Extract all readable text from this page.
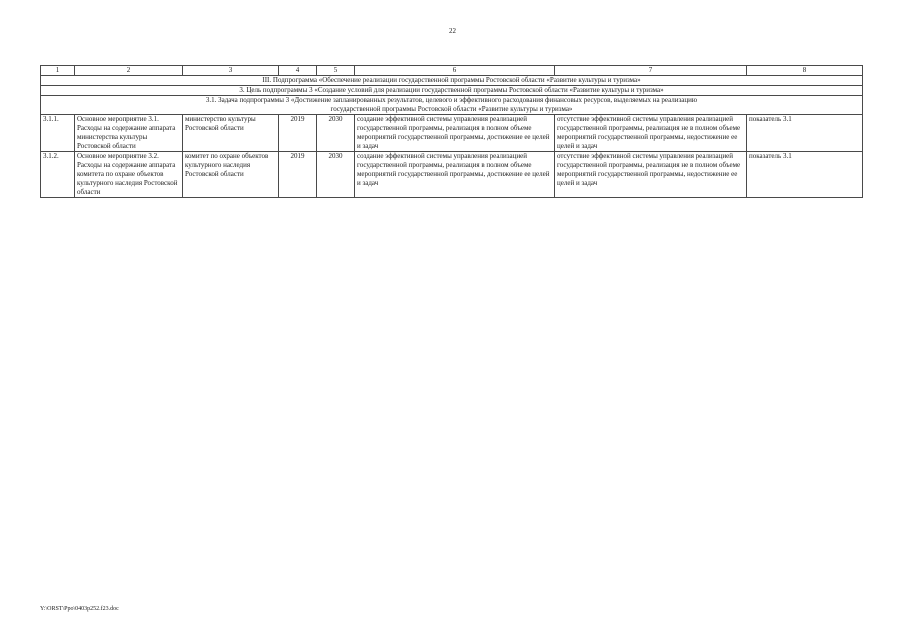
22
1	2	3	4	5	6	7	8
III. Подпрограмма «Обеспечение реализации государственной программы Ростовской области «Развитие культуры и туризма»							
3. Цель подпрограммы 3 «Создание условий для реализации государственной программы Ростовской области «Развитие культуры и туризма»							
3.1. Задача подпрограммы 3 «Достижение запланированных результатов, целевого и эффективного расходования финансовых ресурсов, выделяемых на реализацию государственной программы Ростовской области «Развитие культуры и туризма»							
3.1.1.	Основное мероприятие 3.1. Расходы на содержание аппарата министерства культуры Ростовской области	министерство культуры Ростовской области	2019	2030	создание эффективной системы управления реализацией государственной программы, реализация в полном объеме мероприятий государственной программы, достижение ее целей и задач	отсутствие эффективной системы управления реализацией государственной программы, реализация не в полном объеме мероприятий государственной программы, недостижение ее целей и задач	показатель 3.1
3.1.2.	Основное мероприятие 3.2. Расходы на содержание аппарата комитета по охране объектов культурного наследия Ростовской области	комитет по охране объектов культурного наследия Ростовской области	2019	2030	создание эффективной системы управления реализацией государственной программы, реализация в полном объеме мероприятий государственной программы, достижение ее целей и задач	отсутствие эффективной системы управления реализацией государственной программы, реализация не в полном объеме мероприятий государственной программы, недостижение ее целей и задач	показатель 3.1
Y:\ORST\Ppo\0403p252.f23.doc
